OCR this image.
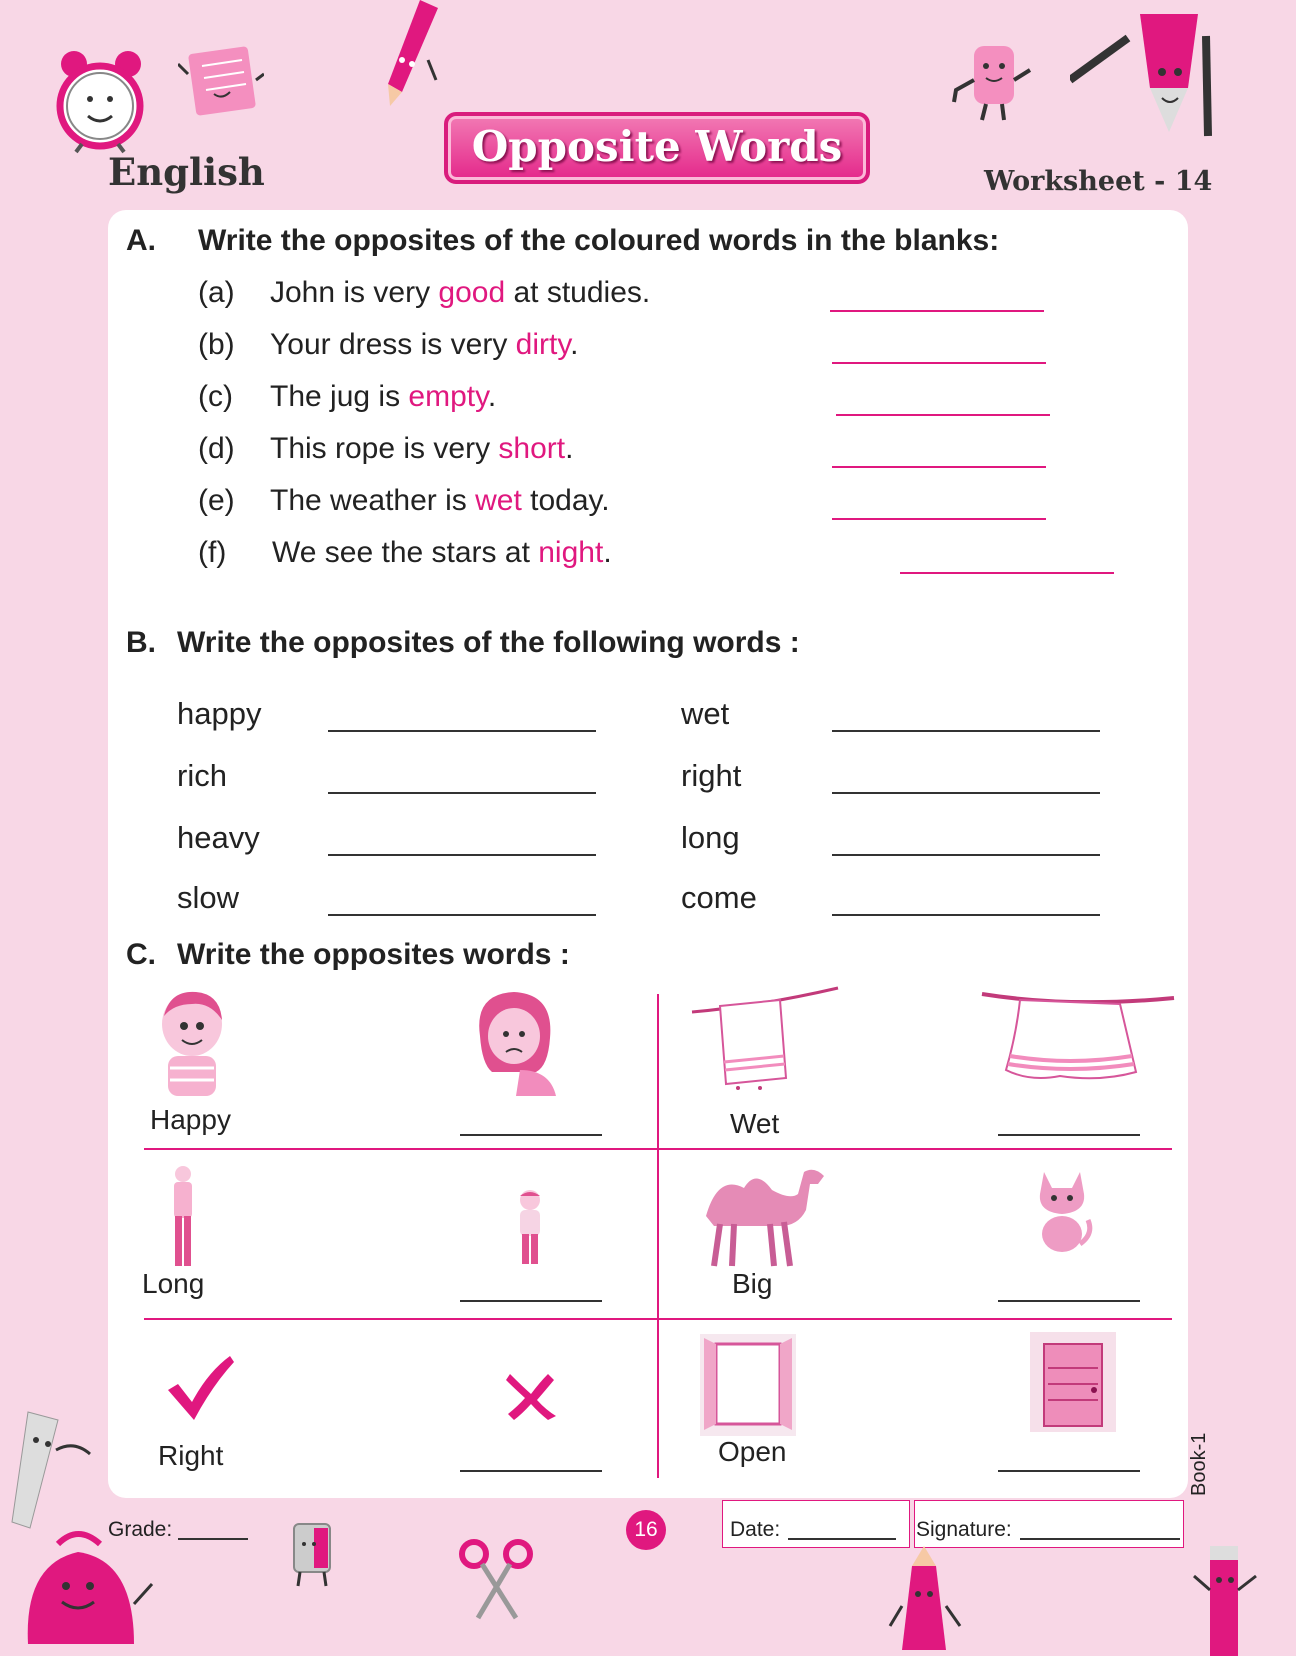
English
Opposite Words
Worksheet - 14
A. Write the opposites of the coloured words in the blanks:
(a) John is very good at studies.
(b) Your dress is very dirty.
(c) The jug is empty.
(d) This rope is very short.
(e) The weather is wet today.
(f) We see the stars at night.
B. Write the opposites of the following words :
happy	wet
rich	right
heavy	long
slow	come
C. Write the opposites words :
Happy	Wet
Long	Big
Right	Open	Book-1
Grade:	16	Date:	Signature:
